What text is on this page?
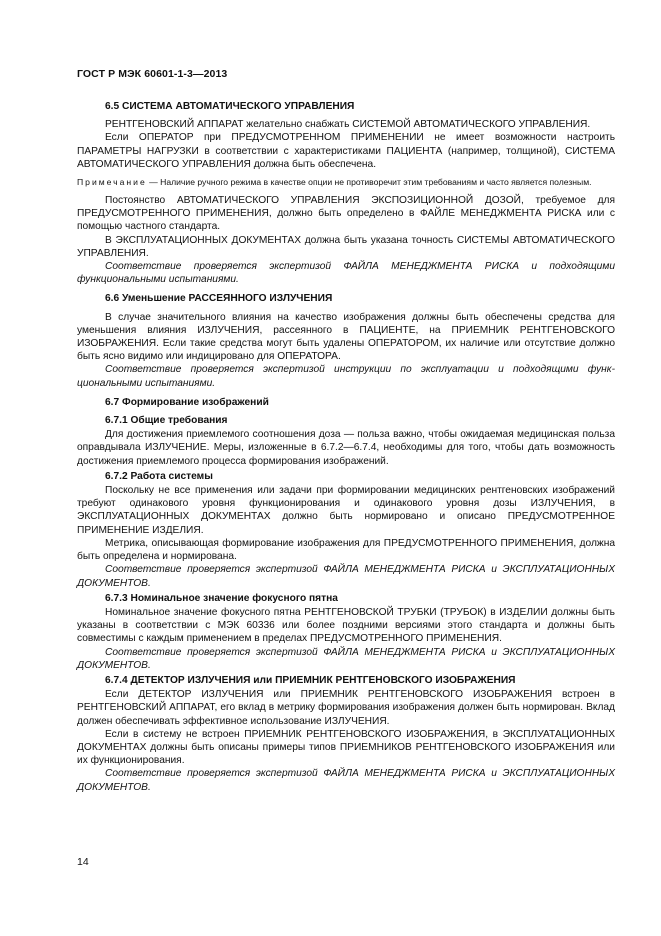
ГОСТ Р МЭК 60601-1-3—2013

6.5 СИСТЕМА АВТОМАТИЧЕСКОГО УПРАВЛЕНИЯ

РЕНТГЕНОВСКИЙ АППАРАТ желательно снабжать СИСТЕМОЙ АВТОМАТИЧЕСКОГО УПРАВЛЕНИЯ.

Если ОПЕРАТОР при ПРЕДУСМОТРЕННОМ ПРИМЕНЕНИИ не имеет возможности настроить ПАРАМЕТРЫ НАГРУЗКИ в соответствии с характеристиками ПАЦИЕНТА (например, толщиной), СИСТЕМА АВТОМАТИЧЕСКОГО УПРАВЛЕНИЯ должна быть обеспечена.

Примечание — Наличие ручного режима в качестве опции не противоречит этим требованиям и часто является полезным.

Постоянство АВТОМАТИЧЕСКОГО УПРАВЛЕНИЯ ЭКСПОЗИЦИОННОЙ ДОЗОЙ, требуемое для ПРЕДУСМОТРЕННОГО ПРИМЕНЕНИЯ, должно быть определено в ФАЙЛЕ МЕНЕДЖМЕНТА РИСКА или с помощью частного стандарта.

В ЭКСПЛУАТАЦИОННЫХ ДОКУМЕНТАХ должна быть указана точность СИСТЕМЫ АВТОМАТИЧЕСКОГО УПРАВЛЕНИЯ.

Соответствие проверяется экспертизой ФАЙЛА МЕНЕДЖМЕНТА РИСКА и подходящими функциональными испытаниями.

6.6 Уменьшение РАССЕЯННОГО ИЗЛУЧЕНИЯ

В случае значительного влияния на качество изображения должны быть обеспечены средства для уменьшения влияния ИЗЛУЧЕНИЯ, рассеянного в ПАЦИЕНТЕ, на ПРИЕМНИК РЕНТГЕНОВСКОГО ИЗОБРАЖЕНИЯ. Если такие средства могут быть удалены ОПЕРАТОРОМ, их наличие или отсутствие должно быть ясно видимо или индицировано для ОПЕРАТОРА.

Соответствие проверяется экспертизой инструкции по эксплуатации и подходящими функциональными испытаниями.

6.7 Формирование изображений

6.7.1 Общие требования

Для достижения приемлемого соотношения доза — польза важно, чтобы ожидаемая медицинская польза оправдывала ИЗЛУЧЕНИЕ. Меры, изложенные в 6.7.2—6.7.4, необходимы для того, чтобы дать возможность достижения приемлемого процесса формирования изображений.

6.7.2 Работа системы

Поскольку не все применения или задачи при формировании медицинских рентгеновских изображений требуют одинакового уровня функционирования и одинакового уровня дозы ИЗЛУЧЕНИЯ, в ЭКСПЛУАТАЦИОННЫХ ДОКУМЕНТАХ должно быть нормировано и описано ПРЕДУСМОТРЕННОЕ ПРИМЕНЕНИЕ ИЗДЕЛИЯ.

Метрика, описывающая формирование изображения для ПРЕДУСМОТРЕННОГО ПРИМЕНЕНИЯ, должна быть определена и нормирована.

Соответствие проверяется экспертизой ФАЙЛА МЕНЕДЖМЕНТА РИСКА и ЭКСПЛУАТАЦИОННЫХ ДОКУМЕНТОВ.

6.7.3 Номинальное значение фокусного пятна

Номинальное значение фокусного пятна РЕНТГЕНОВСКОЙ ТРУБКИ (ТРУБОК) в ИЗДЕЛИИ должны быть указаны в соответствии с МЭК 60336 или более поздними версиями этого стандарта и должны быть совместимы с каждым применением в пределах ПРЕДУСМОТРЕННОГО ПРИМЕНЕНИЯ.

Соответствие проверяется экспертизой ФАЙЛА МЕНЕДЖМЕНТА РИСКА и ЭКСПЛУАТАЦИОННЫХ ДОКУМЕНТОВ.

6.7.4 ДЕТЕКТОР ИЗЛУЧЕНИЯ или ПРИЕМНИК РЕНТГЕНОВСКОГО ИЗОБРАЖЕНИЯ

Если ДЕТЕКТОР ИЗЛУЧЕНИЯ или ПРИЕМНИК РЕНТГЕНОВСКОГО ИЗОБРАЖЕНИЯ встроен в РЕНТГЕНОВСКИЙ АППАРАТ, его вклад в метрику формирования изображения должен быть нормирован. Вклад должен обеспечивать эффективное использование ИЗЛУЧЕНИЯ.

Если в систему не встроен ПРИЕМНИК РЕНТГЕНОВСКОГО ИЗОБРАЖЕНИЯ, в ЭКСПЛУАТАЦИОННЫХ ДОКУМЕНТАХ должны быть описаны примеры типов ПРИЕМНИКОВ РЕНТГЕНОВСКОГО ИЗОБРАЖЕНИЯ или их функционирования.

Соответствие проверяется экспертизой ФАЙЛА МЕНЕДЖМЕНТА РИСКА и ЭКСПЛУАТАЦИОННЫХ ДОКУМЕНТОВ.

14
